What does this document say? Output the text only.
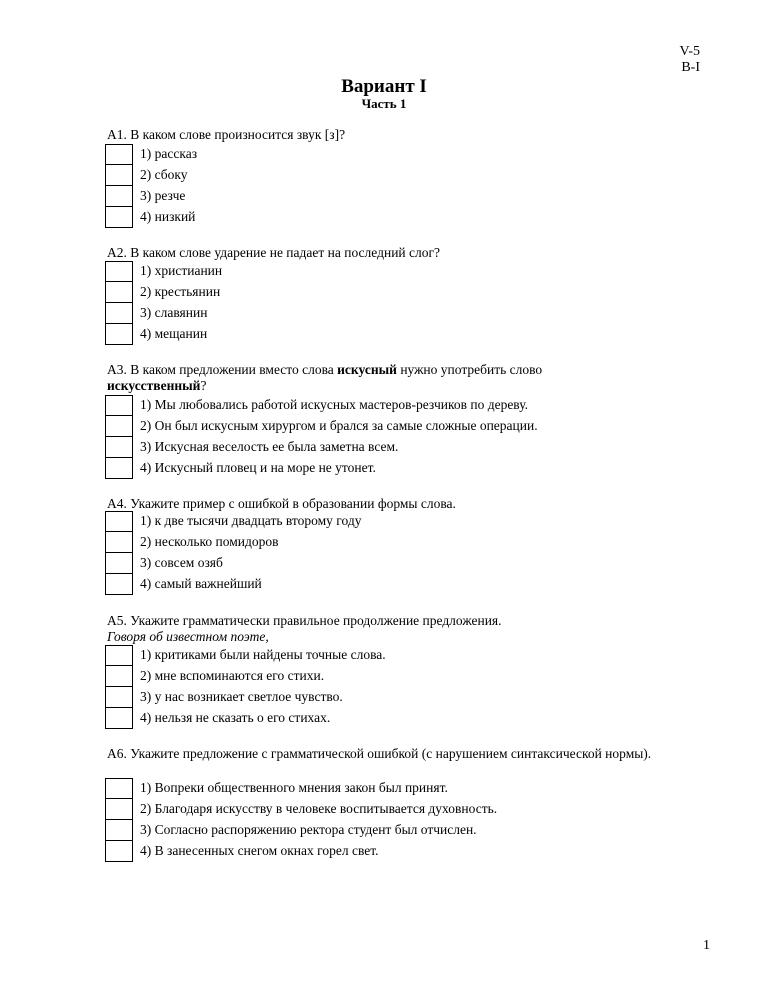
V-5
В-I
Вариант I
Часть 1
А1. В каком слове произносится звук [з]?
1) рассказ
2) сбоку
3) резче
4) низкий
А2. В каком слове ударение не падает на последний слог?
1) христианин
2) крестьянин
3) славянин
4) мещанин
А3. В каком предложении вместо слова искусный нужно употребить слово
искусственный?
1) Мы любовались работой искусных мастеров-резчиков по дереву.
2) Он был искусным хирургом и брался за самые сложные операции.
3) Искусная веселость ее была заметна всем.
4) Искусный пловец и на море не утонет.
А4. Укажите пример с ошибкой в образовании формы слова.
1) к две тысячи двадцать второму году
2) несколько помидоров
3) совсем озяб
4) самый важнейший
А5. Укажите грамматически правильное продолжение предложения.
Говоря об известном поэте,
1) критиками были найдены точные слова.
2) мне вспоминаются его стихи.
3) у нас возникает светлое чувство.
4) нельзя не сказать о его стихах.
А6. Укажите предложение с грамматической ошибкой (с нарушением синтаксической нормы).
1) Вопреки общественного мнения закон был принят.
2) Благодаря искусству в человеке воспитывается духовность.
3) Согласно распоряжению ректора студент был отчислен.
4) В занесенных снегом окнах горел свет.
1
